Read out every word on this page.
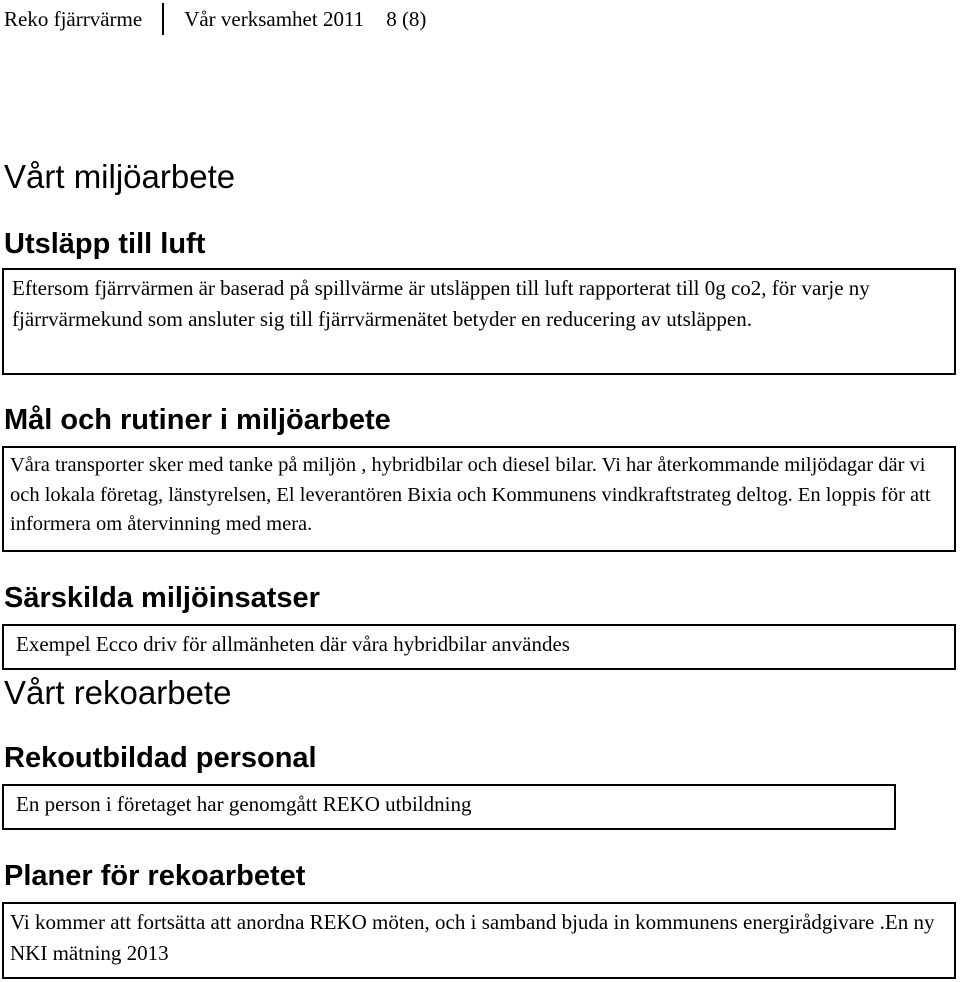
Reko fjärrvärme Vår verksamhet 2011 8 (8)
Vårt miljöarbete
Utsläpp till luft

Eftersom fjärrvärmen är baserad på spillvärme är utsläppen till luft rapporterat till 0g co2, för varje ny fjärrvärmekund som ansluter sig till fjärrvärmenätet betyder en reducering av utsläppen.

Mål och rutiner i miljöarbete

Våra transporter sker med tanke på miljön , hybridbilar och diesel bilar. Vi har återkommande miljödagar där vi och lokala företag, länstyrelsen, El leverantören Bixia och Kommunens vindkraftstrateg deltog. En loppis för att informera om återvinning med mera.

Särskilda miljöinsatser

Exempel Ecco driv för allmänheten där våra hybridbilar användes

Vårt rekoarbete
Rekoutbildad personal

En person i företaget har genomgått REKO utbildning

Planer för rekoarbetet

Vi kommer att fortsätta att anordna REKO möten, och i samband bjuda in kommunens energirådgivare .En ny NKI mätning 2013
